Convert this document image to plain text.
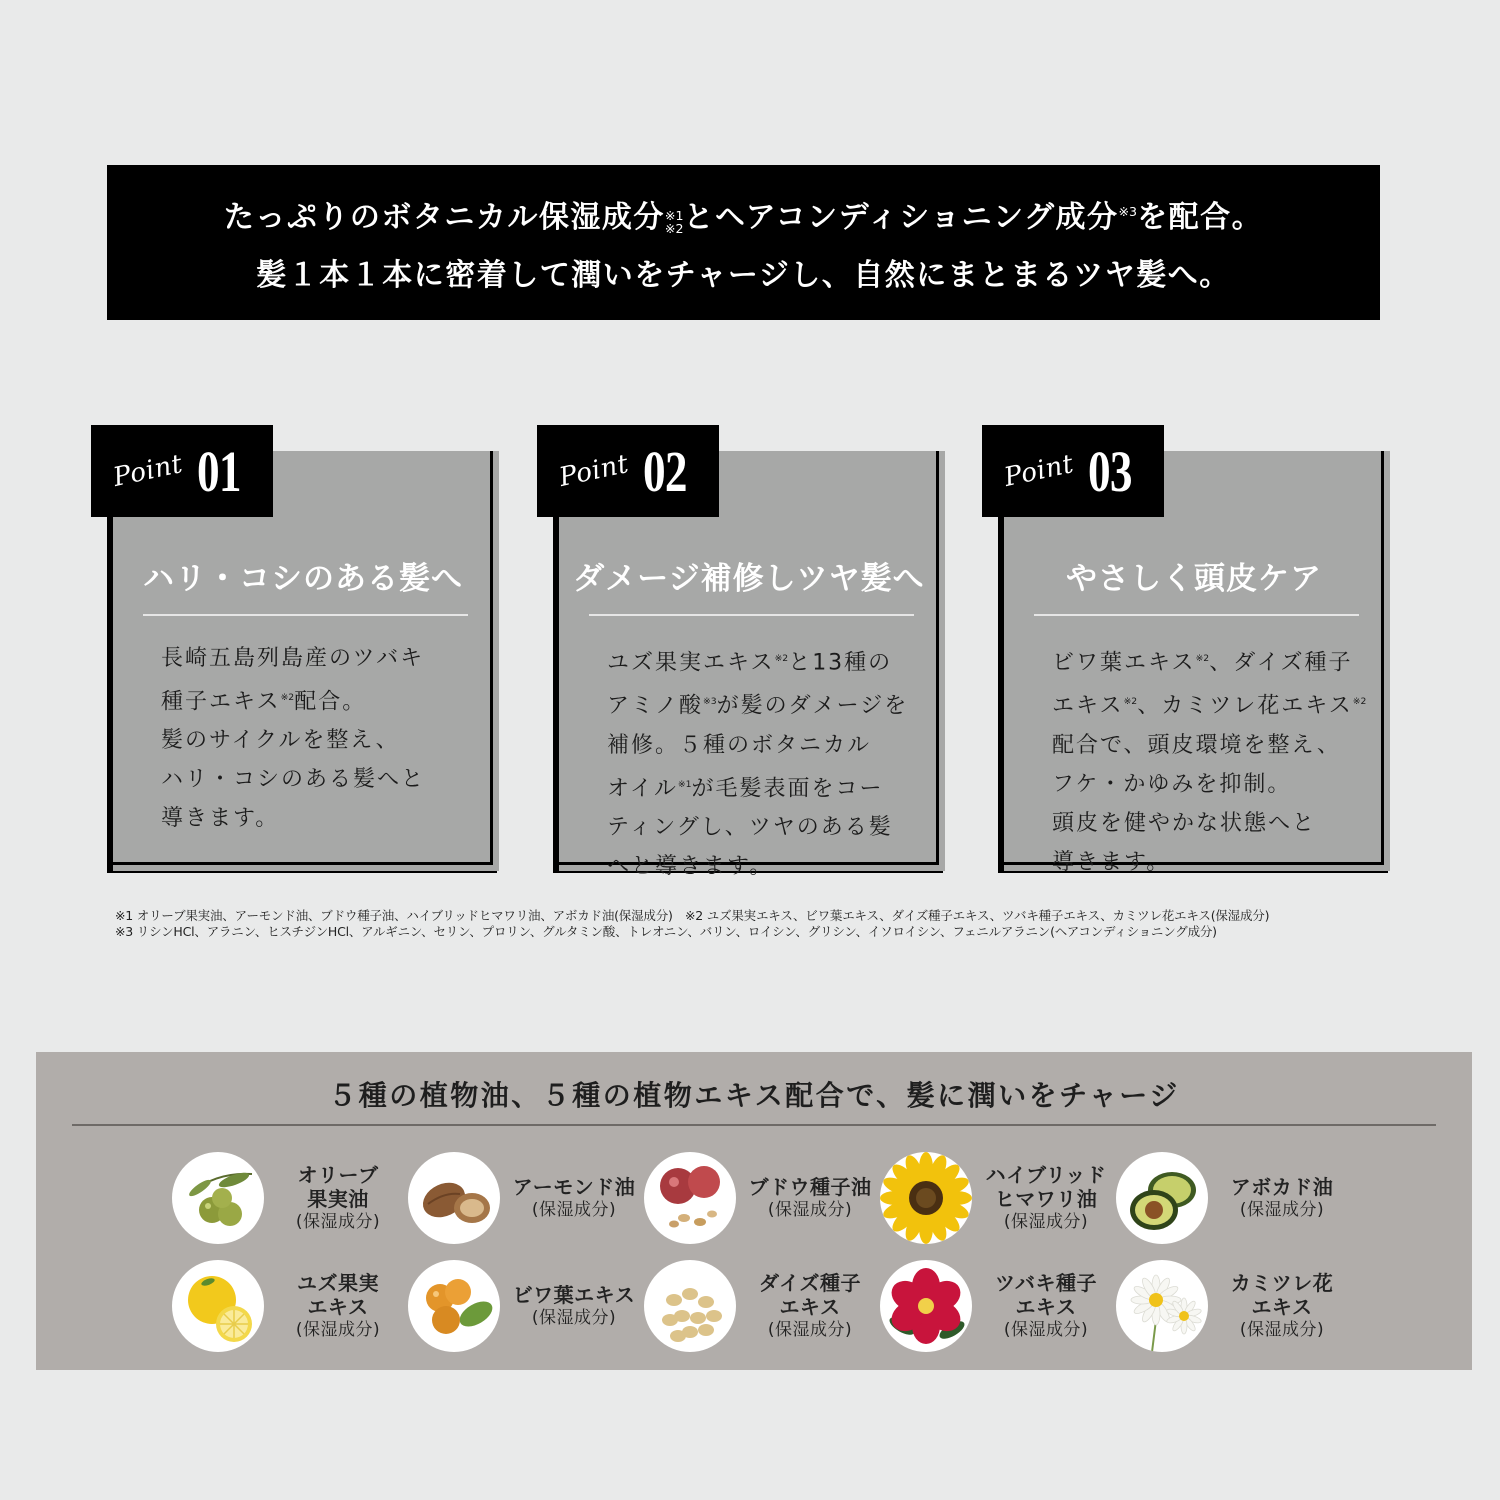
たっぷりのボタニカル保湿成分 ※1
※2 とヘアコンディショニング成分$^{※3}$を配合。
髪１本１本に密着して潤いをチャージし、自然にまとまるツヤ髪へ。
ハリ・コシのある髪へ
長崎五島列島産のツバキ
種子エキス$^{※2}$配合。
髪のサイクルを整え、
ハリ・コシのある髪へと
導きます。
Point 01
ダメージ補修しツヤ髪へ
ユズ果実エキス$^{※2}$と13種の
アミノ酸$^{※3}$が髪のダメージを
補修。５種のボタニカル
オイル$^{※1}$が毛髪表面をコー
ティングし、ツヤのある髪
へと導きます。
Point 02
やさしく頭皮ケア
ビワ葉エキス$^{※2}$、ダイズ種子
エキス$^{※2}$、カミツレ花エキス$^{※2}$
配合で、頭皮環境を整え、
フケ・かゆみを抑制。
頭皮を健やかな状態へと
導きます。
Point 03
※1 オリーブ果実油、アーモンド油、ブドウ種子油、ハイブリッドヒマワリ油、アボカド油(保湿成分)　※2 ユズ果実エキス、ビワ葉エキス、ダイズ種子エキス、ツバキ種子エキス、カミツレ花エキス(保湿成分)
※3 リシンHCl、アラニン、ヒスチジンHCl、アルギニン、セリン、プロリン、グルタミン酸、トレオニン、バリン、ロイシン、グリシン、イソロイシン、フェニルアラニン(ヘアコンディショニング成分)
５種の植物油、５種の植物エキス配合で、髪に潤いをチャージ
オリーブ
果実油
(保湿成分)
アーモンド油
(保湿成分)
ブドウ種子油
(保湿成分)
ハイブリッド
ヒマワリ油
(保湿成分)
アボカド油
(保湿成分)
ユズ果実
エキス
(保湿成分)
ビワ葉エキス
(保湿成分)
ダイズ種子
エキス
(保湿成分)
ツバキ種子
エキス
(保湿成分)
カミツレ花
エキス
(保湿成分)
